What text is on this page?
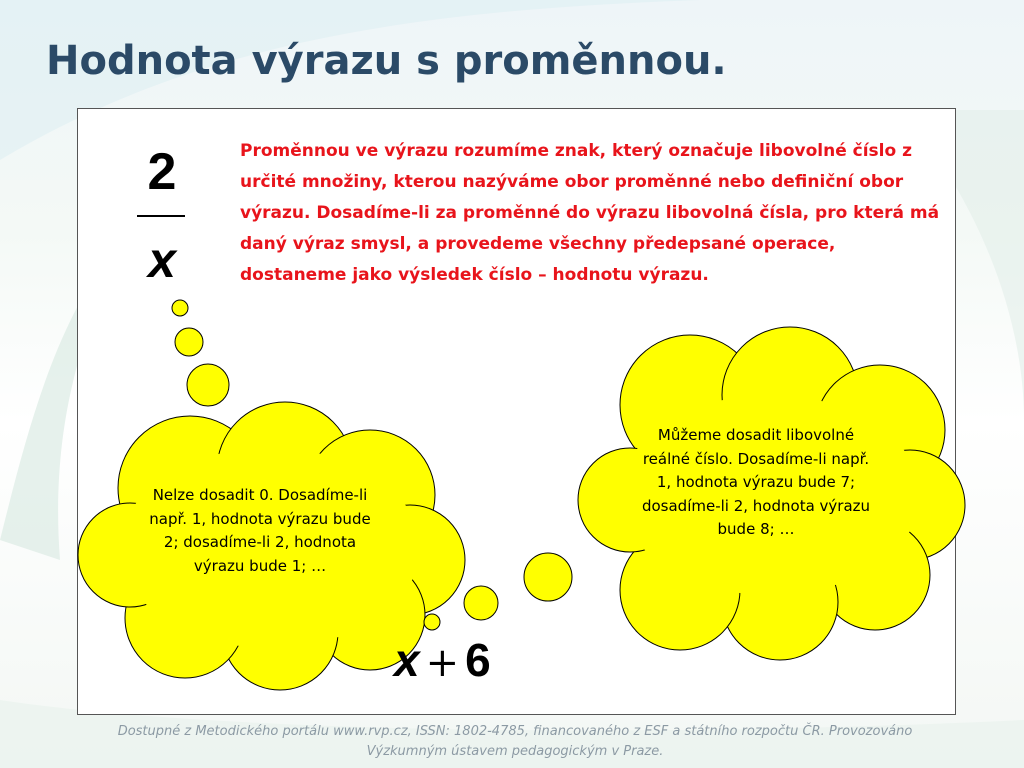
Hodnota výrazu s proměnnou.
2
x

Proměnnou ve výrazu rozumíme znak, který označuje libovolné číslo z určité množiny, kterou nazýváme obor proměnné nebo definiční obor výrazu. Dosadíme-li za proměnné do výrazu libovolná čísla, pro která má daný výraz smysl, a provedeme všechny předepsané operace, dostaneme jako výsledek číslo – hodnotu výrazu.

Nelze dosadit 0. Dosadíme-li např. 1, hodnota výrazu bude 2; dosadíme-li 2, hodnota výrazu bude 1; …

Můžeme dosadit libovolné reálné číslo. Dosadíme-li např. 1, hodnota výrazu bude 7; dosadíme-li 2, hodnota výrazu bude 8; …

x + 6

Dostupné z Metodického portálu www.rvp.cz, ISSN: 1802-4785, financovaného z ESF a státního rozpočtu ČR. Provozováno Výzkumným ústavem pedagogickým v Praze.
